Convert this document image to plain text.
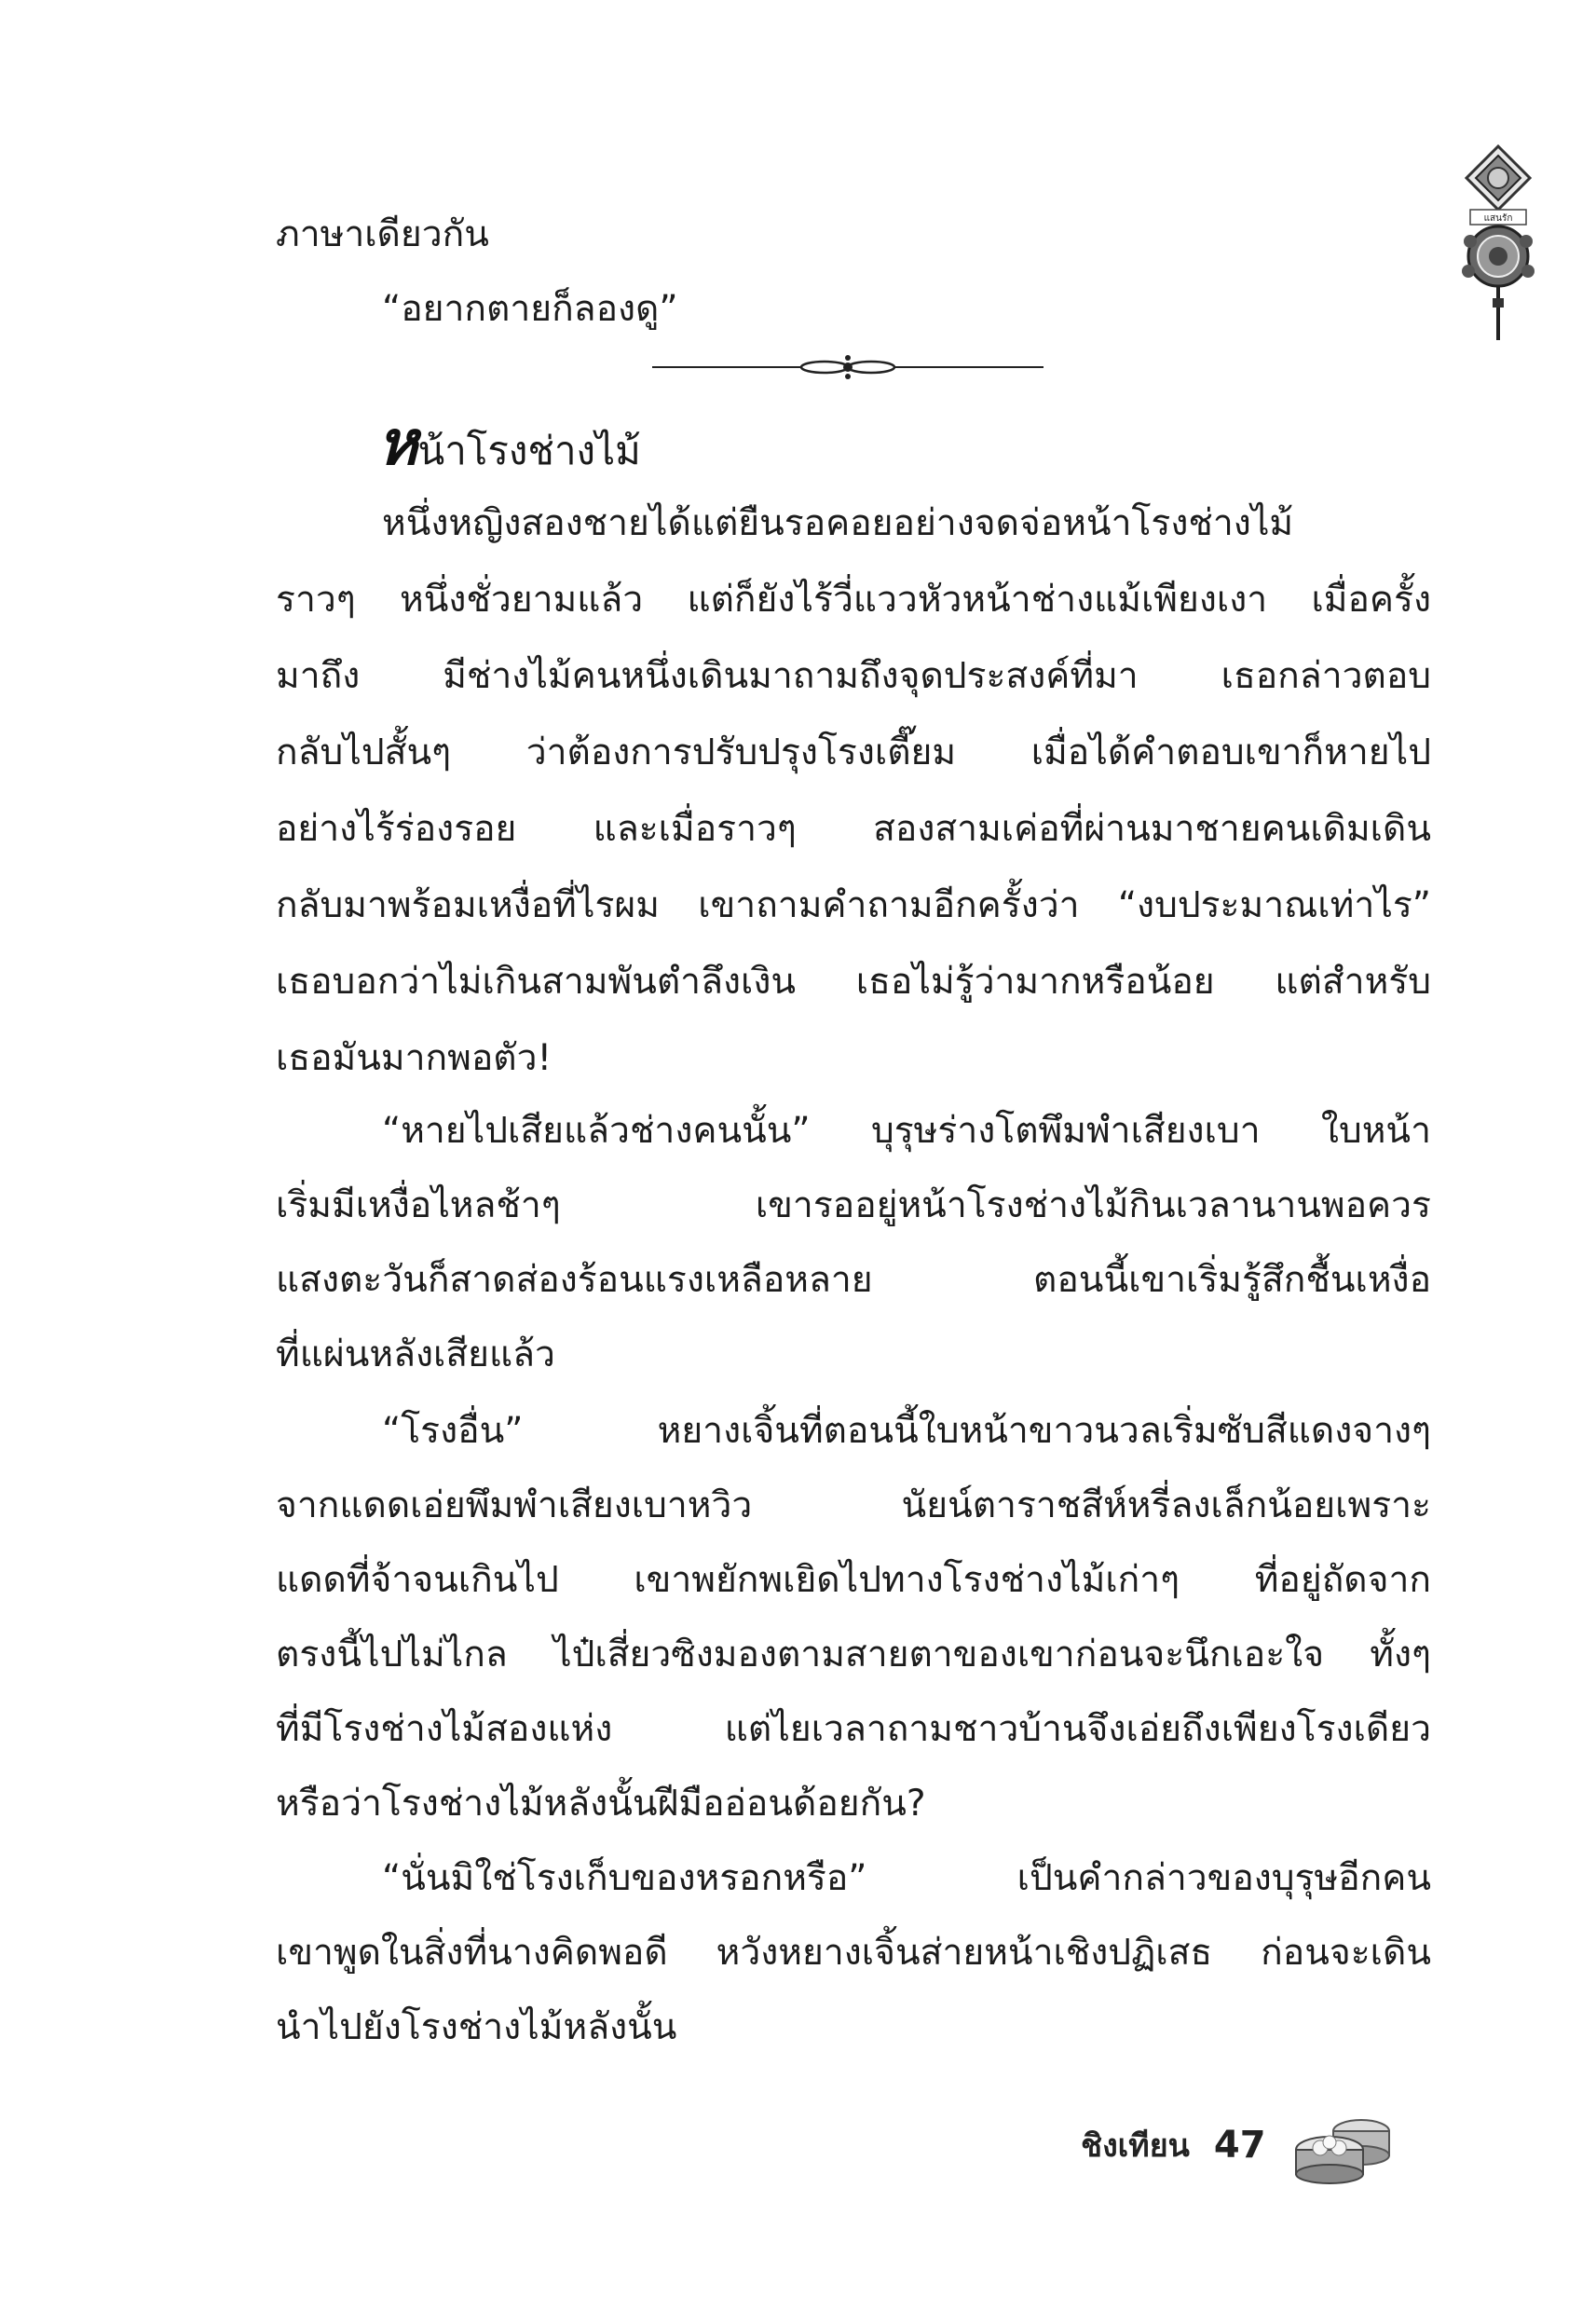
แสนรัก
ภาษาเดียวกัน
“อยากตายก็ลองดู”
หน้าโรงช่างไม้
หนึ่งหญิงสองชายได้แต่ยืนรอคอยอย่างจดจ่อหน้าโรงช่างไม้
ราวๆ หนึ่งชั่วยามแล้ว แต่ก็ยังไร้วี่แววหัวหน้าช่างแม้เพียงเงา เมื่อครั้ง
มาถึง มีช่างไม้คนหนึ่งเดินมาถามถึงจุดประสงค์ที่มา เธอกล่าวตอบ
กลับไปสั้นๆ ว่าต้องการปรับปรุงโรงเตี๊ยม เมื่อได้คำตอบเขาก็หายไป
อย่างไร้ร่องรอย และเมื่อราวๆ สองสามเค่อที่ผ่านมาชายคนเดิมเดิน
กลับมาพร้อมเหงื่อที่ไรผม เขาถามคำถามอีกครั้งว่า “งบประมาณเท่าไร”
เธอบอกว่าไม่เกินสามพันตำลึงเงิน เธอไม่รู้ว่ามากหรือน้อย แต่สำหรับ
เธอมันมากพอตัว!
“หายไปเสียแล้วช่างคนนั้น” บุรุษร่างโตพึมพำเสียงเบา ใบหน้า
เริ่มมีเหงื่อไหลช้าๆ เขารออยู่หน้าโรงช่างไม้กินเวลานานพอควร
แสงตะวันก็สาดส่องร้อนแรงเหลือหลาย ตอนนี้เขาเริ่มรู้สึกชื้นเหงื่อ
ที่แผ่นหลังเสียแล้ว
“โรงอื่น” หยางเจิ้นที่ตอนนี้ใบหน้าขาวนวลเริ่มซับสีแดงจางๆ
จากแดดเอ่ยพึมพำเสียงเบาหวิว นัยน์ตาราชสีห์หรี่ลงเล็กน้อยเพราะ
แดดที่จ้าจนเกินไป เขาพยักพเยิดไปทางโรงช่างไม้เก่าๆ ที่อยู่ถัดจาก
ตรงนี้ไปไม่ไกล ไป๋เสี่ยวซิงมองตามสายตาของเขาก่อนจะนึกเอะใจ ทั้งๆ
ที่มีโรงช่างไม้สองแห่ง แต่ไยเวลาถามชาวบ้านจึงเอ่ยถึงเพียงโรงเดียว
หรือว่าโรงช่างไม้หลังนั้นฝีมืออ่อนด้อยกัน?
“นั่นมิใช่โรงเก็บของหรอกหรือ” เป็นคำกล่าวของบุรุษอีกคน
เขาพูดในสิ่งที่นางคิดพอดี หวังหยางเจิ้นส่ายหน้าเชิงปฏิเสธ ก่อนจะเดิน
นำไปยังโรงช่างไม้หลังนั้น
ชิงเทียน 47
